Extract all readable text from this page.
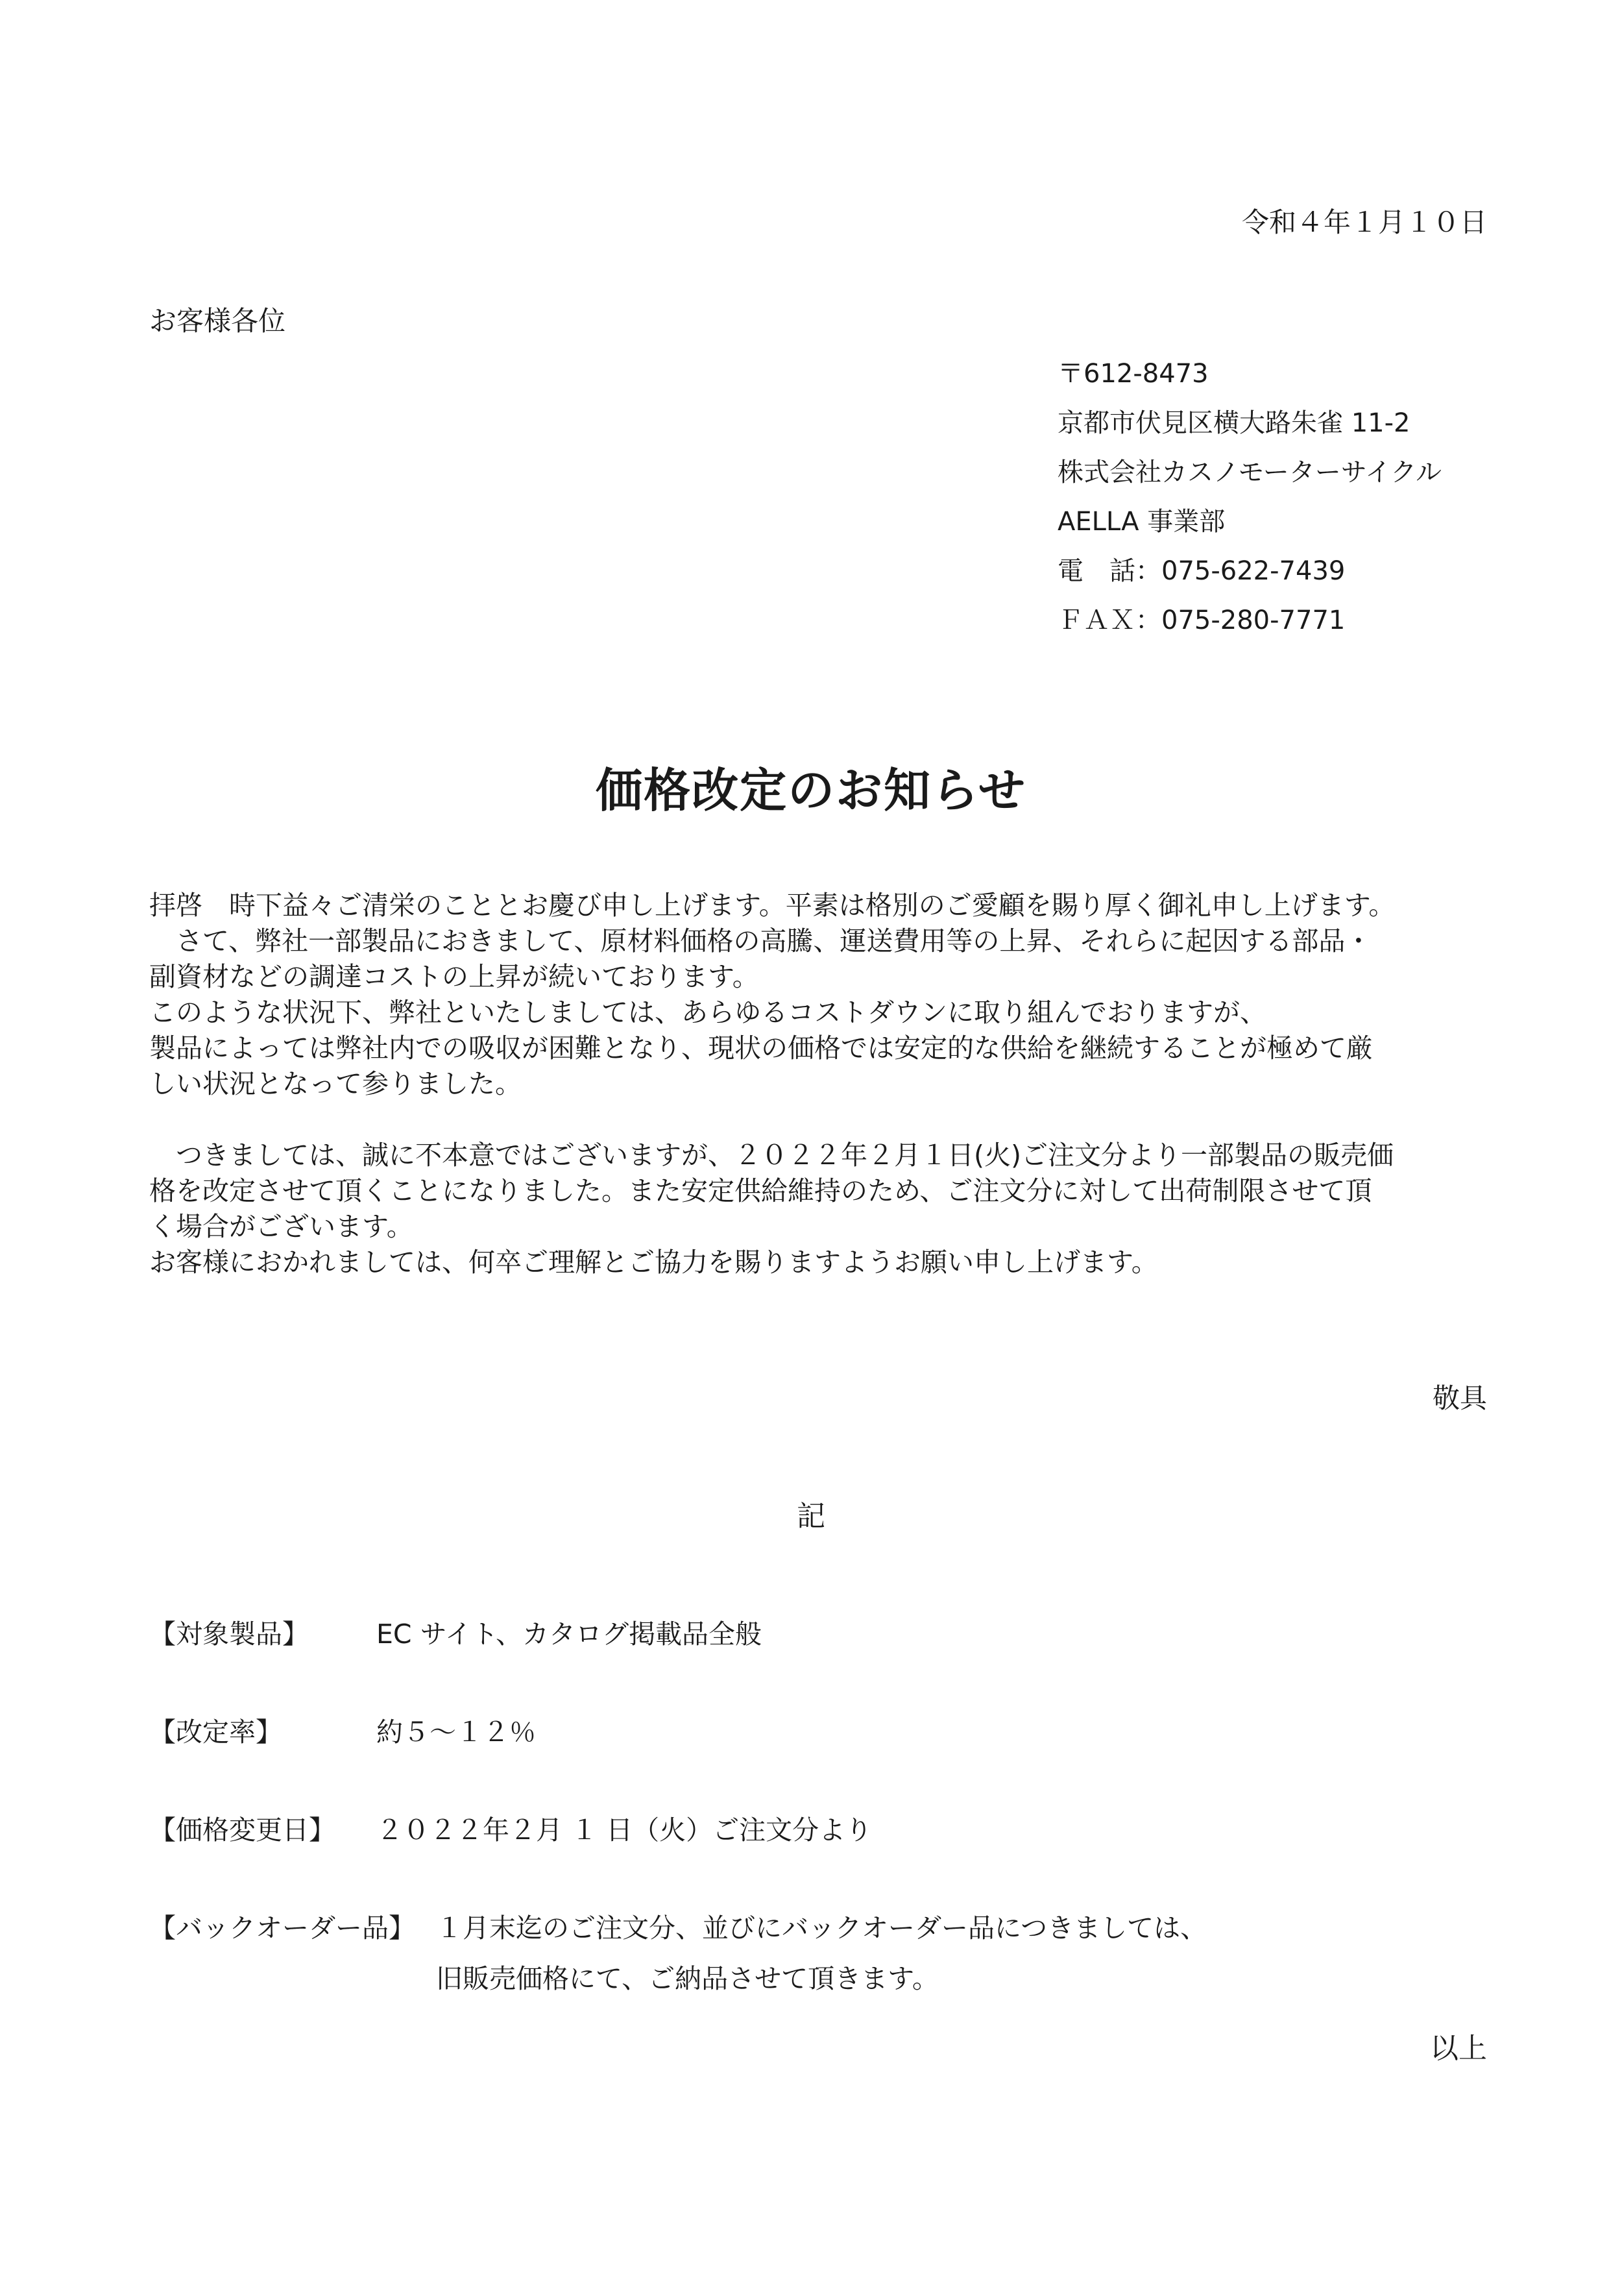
令和４年１月１０日
お客様各位
〒612-8473
京都市伏見区横大路朱雀 11-2
株式会社カスノモーターサイクル
AELLA 事業部
電　話：075-622-7439
ＦＡＸ：075-280-7771
価格改定のお知らせ

拝啓　時下益々ご清栄のこととお慶び申し上げます。平素は格別のご愛顧を賜り厚く御礼申し上げます。

　さて、弊社一部製品におきまして、原材料価格の高騰、運送費用等の上昇、それらに起因する部品・

副資材などの調達コストの上昇が続いております。

このような状況下、弊社といたしましては、あらゆるコストダウンに取り組んでおりますが、

製品によっては弊社内での吸収が困難となり、現状の価格では安定的な供給を継続することが極めて厳

しい状況となって参りました。

　つきましては、誠に不本意ではございますが、２０２２年２月１日(火)ご注文分より一部製品の販売価

格を改定させて頂くことになりました。また安定供給維持のため、ご注文分に対して出荷制限させて頂

く場合がございます。

お客様におかれましては、何卒ご理解とご協力を賜りますようお願い申し上げます。

敬具
記
【対象製品】	EC サイト、カタログ掲載品全般
【改定率】	約５～１２％
【価格変更日】 ２０２２年２月 １ 日（火）ご注文分より
【バックオーダー品】 １月末迄のご注文分、並びにバックオーダー品につきましては、
旧販売価格にて、ご納品させて頂きます。
以上
